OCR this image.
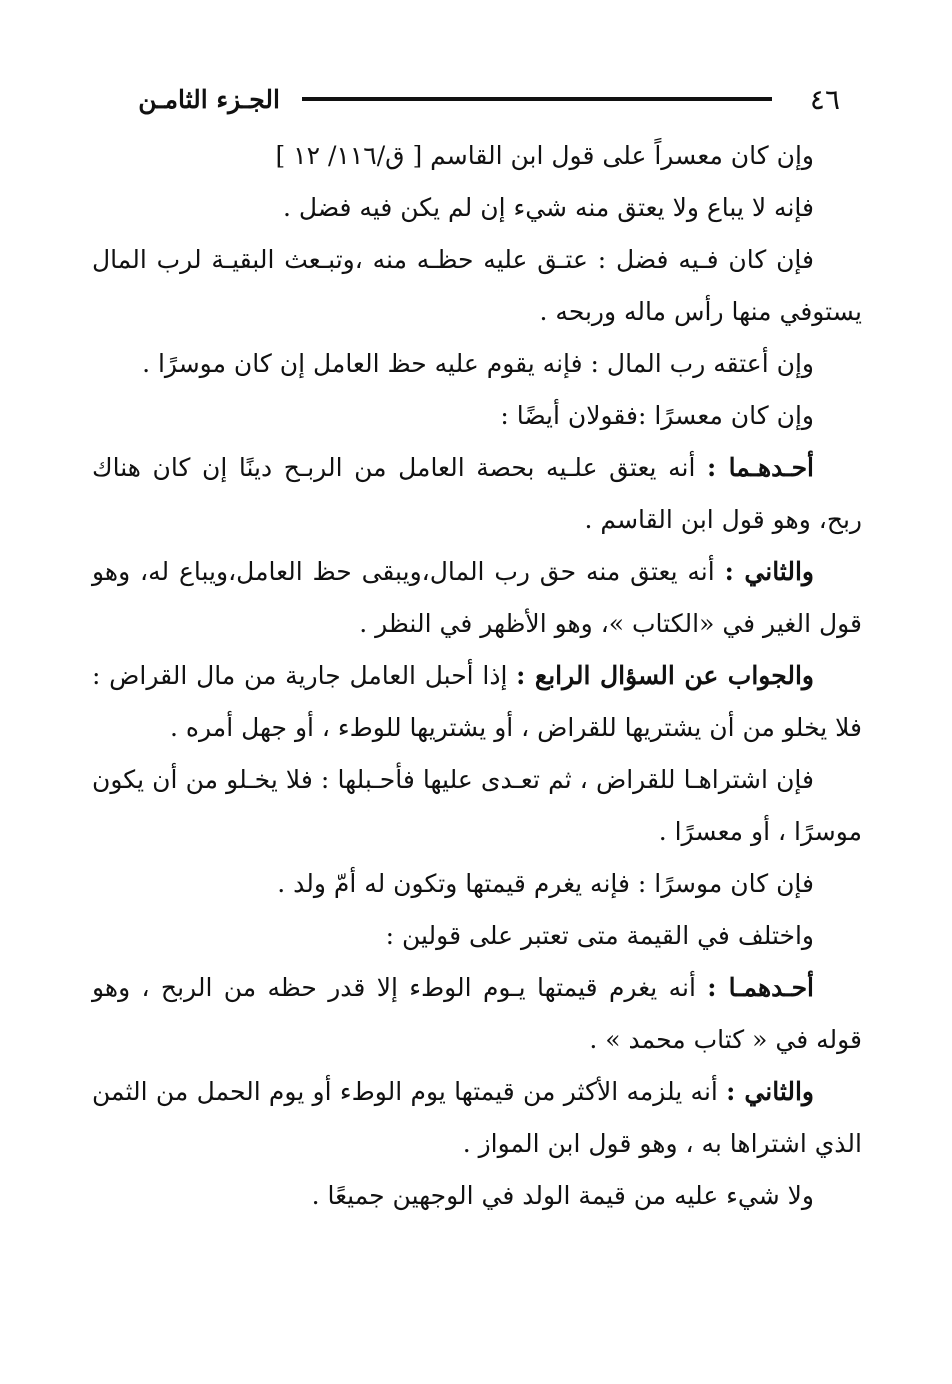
٤٦
الجـزء الثامـن

وإن كان معسراً على قول ابن القاسم [ ق/١١٦/ ١٢ ]

فإنه لا يباع ولا يعتق منه شيء إن لم يكن فيه فضل .

فإن كان فـيه فضل : عتـق عليه حظـه منه ،وتبـعث البقيـة لرب المال يستوفي منها رأس ماله وربحه .

وإن أعتقه رب المال : فإنه يقوم عليه حظ العامل إن كان موسرًا .

وإن كان معسرًا :فقولان أيضًا :

أحـدهـما : أنه يعتق علـيه بحصة العامل من الربـح دينًا إن كان هناك ربح، وهو قول ابن القاسم .

والثاني : أنه يعتق منه حق رب المال،ويبقى حظ العامل،ويباع له، وهو قول الغير في «الكتاب »، وهو الأظهر في النظر .

والجواب عن السؤال الرابع : إذا أحبل العامل جارية من مال القراض : فلا يخلو من أن يشتريها للقراض ، أو يشتريها للوطء ، أو جهل أمره .

فإن اشتراهـا للقراض ، ثم تعـدى عليها فأحـبلها : فلا يخـلو من أن يكون موسرًا ، أو معسرًا .

فإن كان موسرًا : فإنه يغرم قيمتها وتكون له أمّ ولد .

واختلف في القيمة متى تعتبر على قولين :

أحـدهمـا : أنه يغرم قيمتها يـوم الوطء إلا قدر حظه من الربح ، وهو قوله في « كتاب محمد » .

والثاني : أنه يلزمه الأكثر من قيمتها يوم الوطء أو يوم الحمل من الثمن الذي اشتراها به ، وهو قول ابن المواز .

ولا شيء عليه من قيمة الولد في الوجهين جميعًا .
